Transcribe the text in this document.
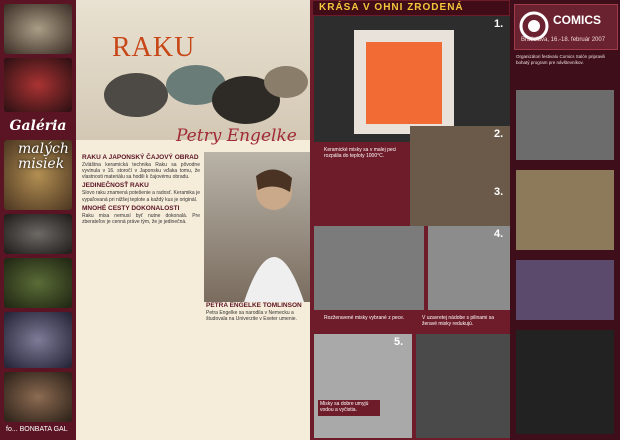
Galéria
malých
misiek
fo... BONBATA GAL
RAKU
Petry Engelke
RAKU A JAPONSKÝ ČAJOVÝ OBRAD
Zvláštna keramická technika Raku sa pôvodne vyvinula v 16. storočí v Japonsku vďaka tomu, že vlastnosti materiálu sa hodili k čajovému obradu.
JEDINEČNOSŤ RAKU
Slovo raku znamená potešenie a radosť. Keramika je vypaľovaná pri nižšej teplote a každý kus je originál.
MNOHÉ CESTY DOKONALOSTI
Raku misa nemusí byť nutne dokonalá. Pre zberateľov je cenná práve tým, že je jedinečná.
PETRA ENGELKE TOMLINSON
Petra Engelke sa narodila v Nemecku a študovala na Univerzite v Exeter umenie.
Keramické misky sa v malej peci rozpália do teploty 1000°C.
Rozžeravené misky vybrané z pece.	V uzavretej nádobe s pilinami sa žeravé misky redukujú.
Misky sa dobre umyjú vodou a vyčistia.
1.
2.
3.
4.
5.
KRÁSA V OHNI ZRODENÁ
COMICS
Bratislava, 16.-18. február 2007
Organizátori festivalu Comics Salón pripravili bohatý program pre návštevníkov.
